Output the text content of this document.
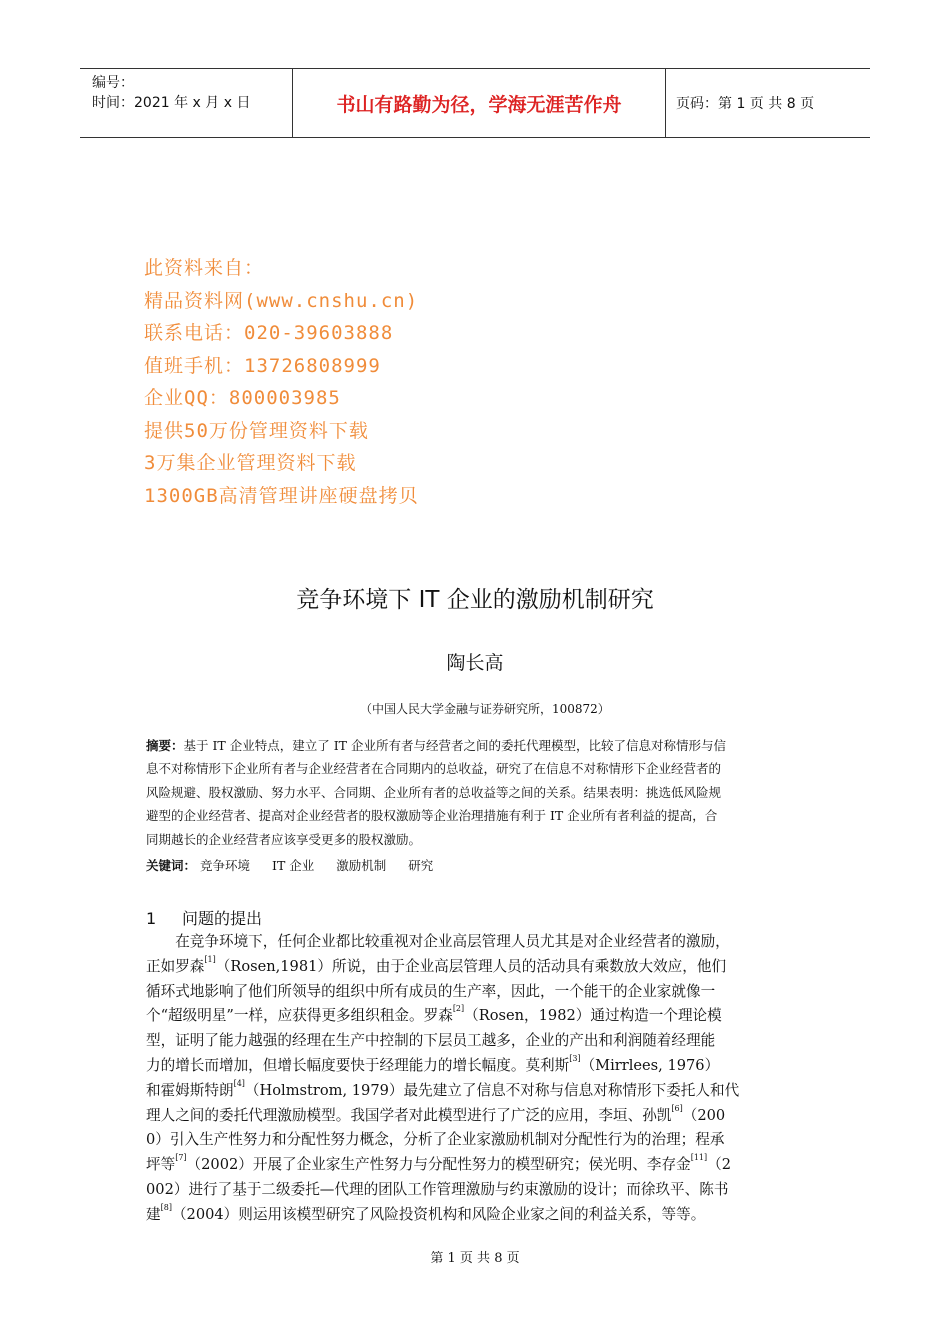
编号：
时间：2021 年 x 月 x 日	书山有路勤为径，学海无涯苦作舟	页码：第 1 页 共 8 页
此资料来自：
精品资料网(www.cnshu.cn)
联系电话：020-39603888
值班手机：13726808999
企业QQ：800003985
提供50万份管理资料下载
3万集企业管理资料下载
1300GB高清管理讲座硬盘拷贝
竞争环境下 IT 企业的激励机制研究
陶长高
（中国人民大学金融与证券研究所，100872）
摘要：基于 IT 企业特点，建立了 IT 企业所有者与经营者之间的委托代理模型，比较了信息对称情形与信
息不对称情形下企业所有者与企业经营者在合同期内的总收益，研究了在信息不对称情形下企业经营者的
风险规避、股权激励、努力水平、合同期、企业所有者的总收益等之间的关系。结果表明：挑选低风险规
避型的企业经营者、提高对企业经营者的股权激励等企业治理措施有利于 IT 企业所有者利益的提高，合
同期越长的企业经营者应该享受更多的股权激励。
关键词： 竞争环境 IT 企业 激励机制 研究
1 问题的提出
　　在竞争环境下，任何企业都比较重视对企业高层管理人员尤其是对企业经营者的激励，
正如罗森[1]（Rosen,1981）所说，由于企业高层管理人员的活动具有乘数放大效应，他们
循环式地影响了他们所领导的组织中所有成员的生产率，因此，一个能干的企业家就像一
个“超级明星”一样，应获得更多组织租金。罗森[2]（Rosen，1982）通过构造一个理论模
型，证明了能力越强的经理在生产中控制的下层员工越多，企业的产出和利润随着经理能
力的增长而增加，但增长幅度要快于经理能力的增长幅度。莫利斯[3]（Mirrlees, 1976）
和霍姆斯特朗[4]（Holmstrom, 1979）最先建立了信息不对称与信息对称情形下委托人和代
理人之间的委托代理激励模型。我国学者对此模型进行了广泛的应用，李垣、孙凯[6]（200
0）引入生产性努力和分配性努力概念，分析了企业家激励机制对分配性行为的治理；程承
坪等[7]（2002）开展了企业家生产性努力与分配性努力的模型研究；侯光明、李存金[11]（2
002）进行了基于二级委托—代理的团队工作管理激励与约束激励的设计；而徐玖平、陈书
建[8]（2004）则运用该模型研究了风险投资机构和风险企业家之间的利益关系，等等。
第 1 页 共 8 页
